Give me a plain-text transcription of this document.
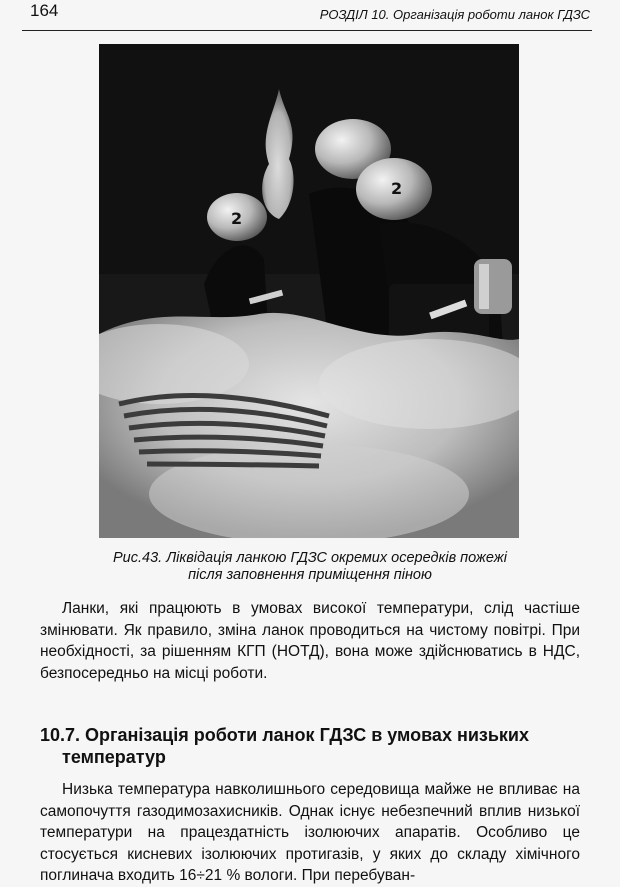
164	РОЗДІЛ 10. Організація роботи ланок ГДЗС
2
2
Рис.43. Ліквідація ланкою ГДЗС окремих осередків пожежі
після заповнення приміщення піною
Ланки, які працюють в умовах високої температури, слід частіше змінювати. Як правило, зміна ланок проводиться на чистому повітрі. При необхідності, за рішенням КГП (НОТД), вона може здійснюватись в НДС, безпосередньо на місці роботи.
10.7. Організація роботи ланок ГДЗС в умовах низьких температур
Низька температура навколишнього середовища майже не впливає на самопочуття газодимозахисників. Однак існує небезпечний вплив низької температури на працездатність ізолюючих апаратів. Особливо це стосується кисневих ізолюючих протигазів, у яких до складу хімічного поглинача входить 16÷21 % вологи. При перебуван-
